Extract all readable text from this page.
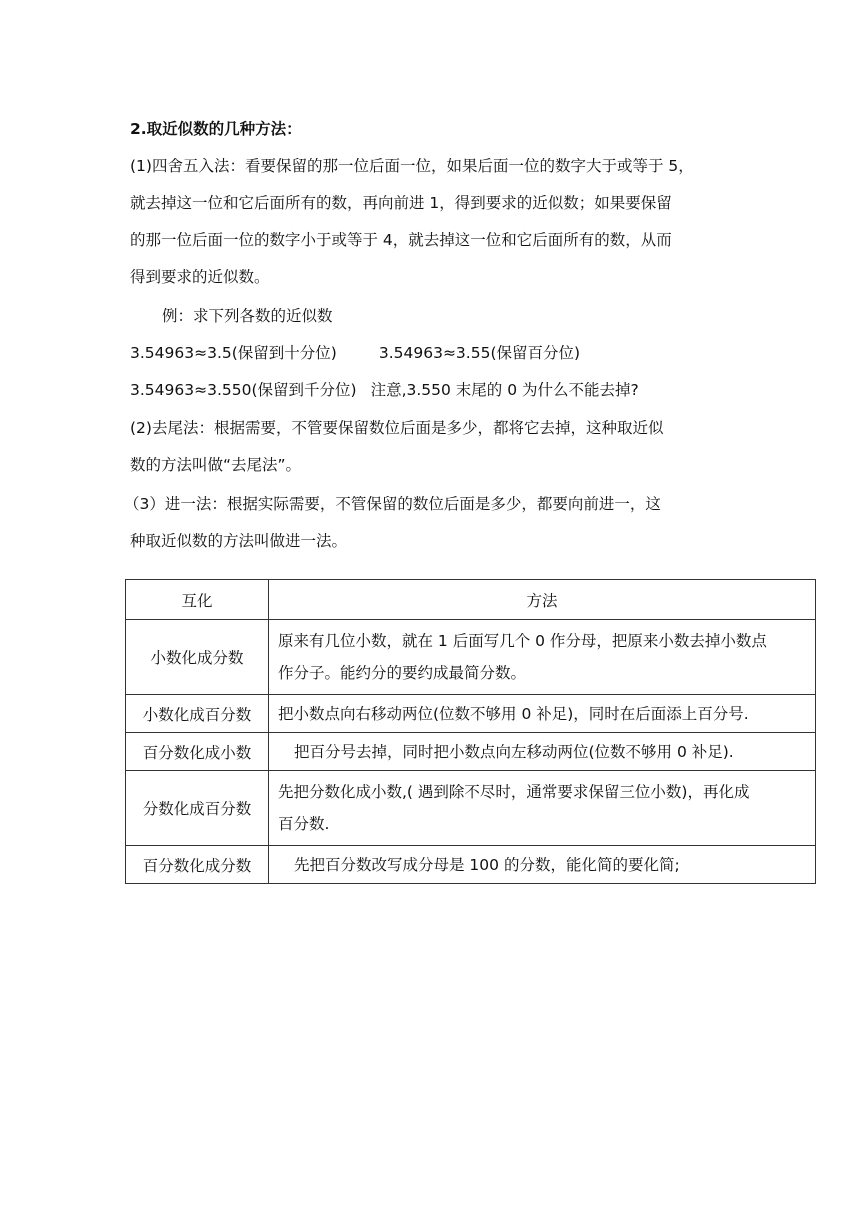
2.取近似数的几种方法：
(1)四舍五入法：看要保留的那一位后面一位，如果后面一位的数字大于或等于 5，
就去掉这一位和它后面所有的数，再向前进 1，得到要求的近似数；如果要保留
的那一位后面一位的数字小于或等于 4，就去掉这一位和它后面所有的数，从而
得到要求的近似数。
例：求下列各数的近似数
3.54963≈3.5(保留到十分位)	3.54963≈3.55(保留百分位)
3.54963≈3.550(保留到千分位) 注意,3.550 末尾的 0 为什么不能去掉?
(2)去尾法：根据需要，不管要保留数位后面是多少，都将它去掉，这种取近似
数的方法叫做“去尾法”。
（3）进一法：根据实际需要，不管保留的数位后面是多少，都要向前进一，这
种取近似数的方法叫做进一法。
互化	方法
小数化成分数	原来有几位小数，就在 1 后面写几个 0 作分母，把原来小数去掉小数点
作分子。能约分的要约成最简分数。

小数化成百分数	把小数点向右移动两位(位数不够用 0 补足)，同时在后面添上百分号.

百分数化成小数	把百分号去掉，同时把小数点向左移动两位(位数不够用 0 补足).

分数化成百分数	先把分数化成小数,( 遇到除不尽时，通常要求保留三位小数)，再化成
百分数.

百分数化成分数	先把百分数改写成分母是 100 的分数，能化简的要化简;
